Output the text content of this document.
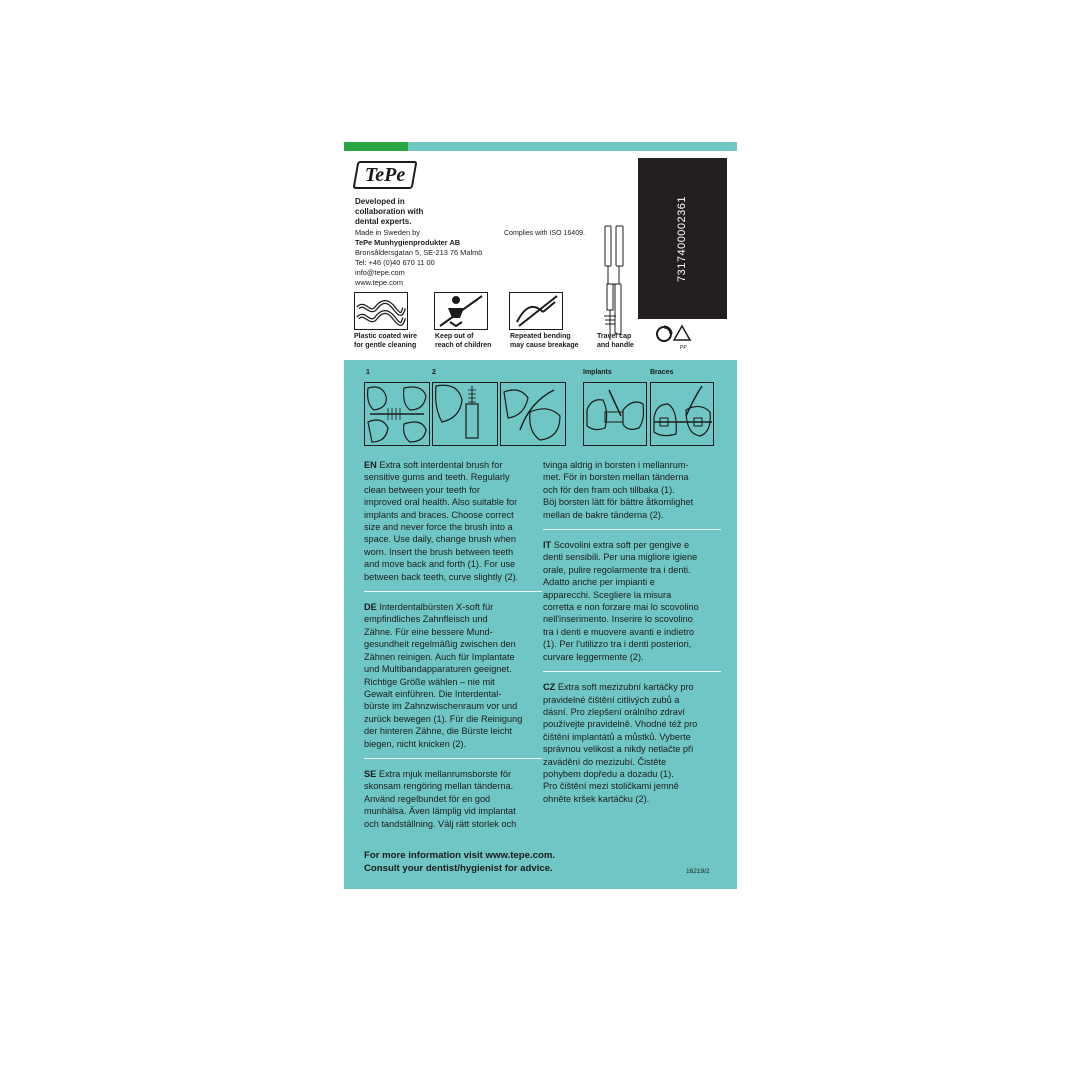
TePe
Developed in
collaboration with
dental experts.
Made in Sweden by
TePe Munhygienprodukter AB
Bronsåldersgatan 5, SE-213 76 Malmö
Tel: +46 (0)40 670 11 00
info@tepe.com
www.tepe.com
Complies with ISO 16409.	7317400002361
Plastic coated wire
for gentle cleaning
Keep out of
reach of children
Repeated bending
may cause breakage
Travel cap
and handle	PP
1	2	Implants	Braces

EN Extra soft interdental brush for

sensitive gums and teeth. Regularly

clean between your teeth for

improved oral health. Also suitable for

implants and braces. Choose correct

size and never force the brush into a

space. Use daily, change brush when

worn. Insert the brush between teeth

and move back and forth (1). For use

between back teeth, curve slightly (2).

DE Interdentalbürsten X-soft für

empfindliches Zahnfleisch und

Zähne. Für eine bessere Mund-

gesundheit regelmäßig zwischen den

Zähnen reinigen. Auch für Implantate

und Multibandapparaturen geeignet.

Richtige Größe wählen – nie mit

Gewalt einführen. Die Interdental-

bürste im Zahnzwischenraum vor und

zurück bewegen (1). Für die Reinigung

der hinteren Zähne, die Bürste leicht

biegen, nicht knicken (2).

SE Extra mjuk mellanrumsborste för

skonsam rengöring mellan tänderna.

Använd regelbundet för en god

munhälsa. Även lämplig vid implantat

och tandställning. Välj rätt storlek och

tvinga aldrig in borsten i mellanrum-

met. För in borsten mellan tänderna

och för den fram och tillbaka (1).

Böj borsten lätt för bättre åtkomlighet

mellan de bakre tänderna (2).

IT Scovolini extra soft per gengive e

denti sensibili. Per una migliore igiene

orale, pulire regolarmente tra i denti.

Adatto anche per impianti e

apparecchi. Scegliere la misura

corretta e non forzare mai lo scovolino

nell'inserimento. Inserire lo scovolino

tra i denti e muovere avanti e indietro

(1). Per l'utilizzo tra i denti posteriori,

curvare leggermente (2).

CZ Extra soft mezizubní kartáčky pro

pravidelné čištění citlivých zubů a

dásní. Pro zlepšení orálního zdraví

používejte pravidelně. Vhodné též pro

čištění implantátů a můstků. Vyberte

správnou velikost a nikdy netlačte při

zavádění do mezizubí. Čistěte

pohybem dopředu a dozadu (1).

Pro čištění mezi stoličkami jemně

ohněte kršek kartáčku (2).

For more information visit www.tepe.com.
Consult your dentist/hygienist for advice.	16219/2
